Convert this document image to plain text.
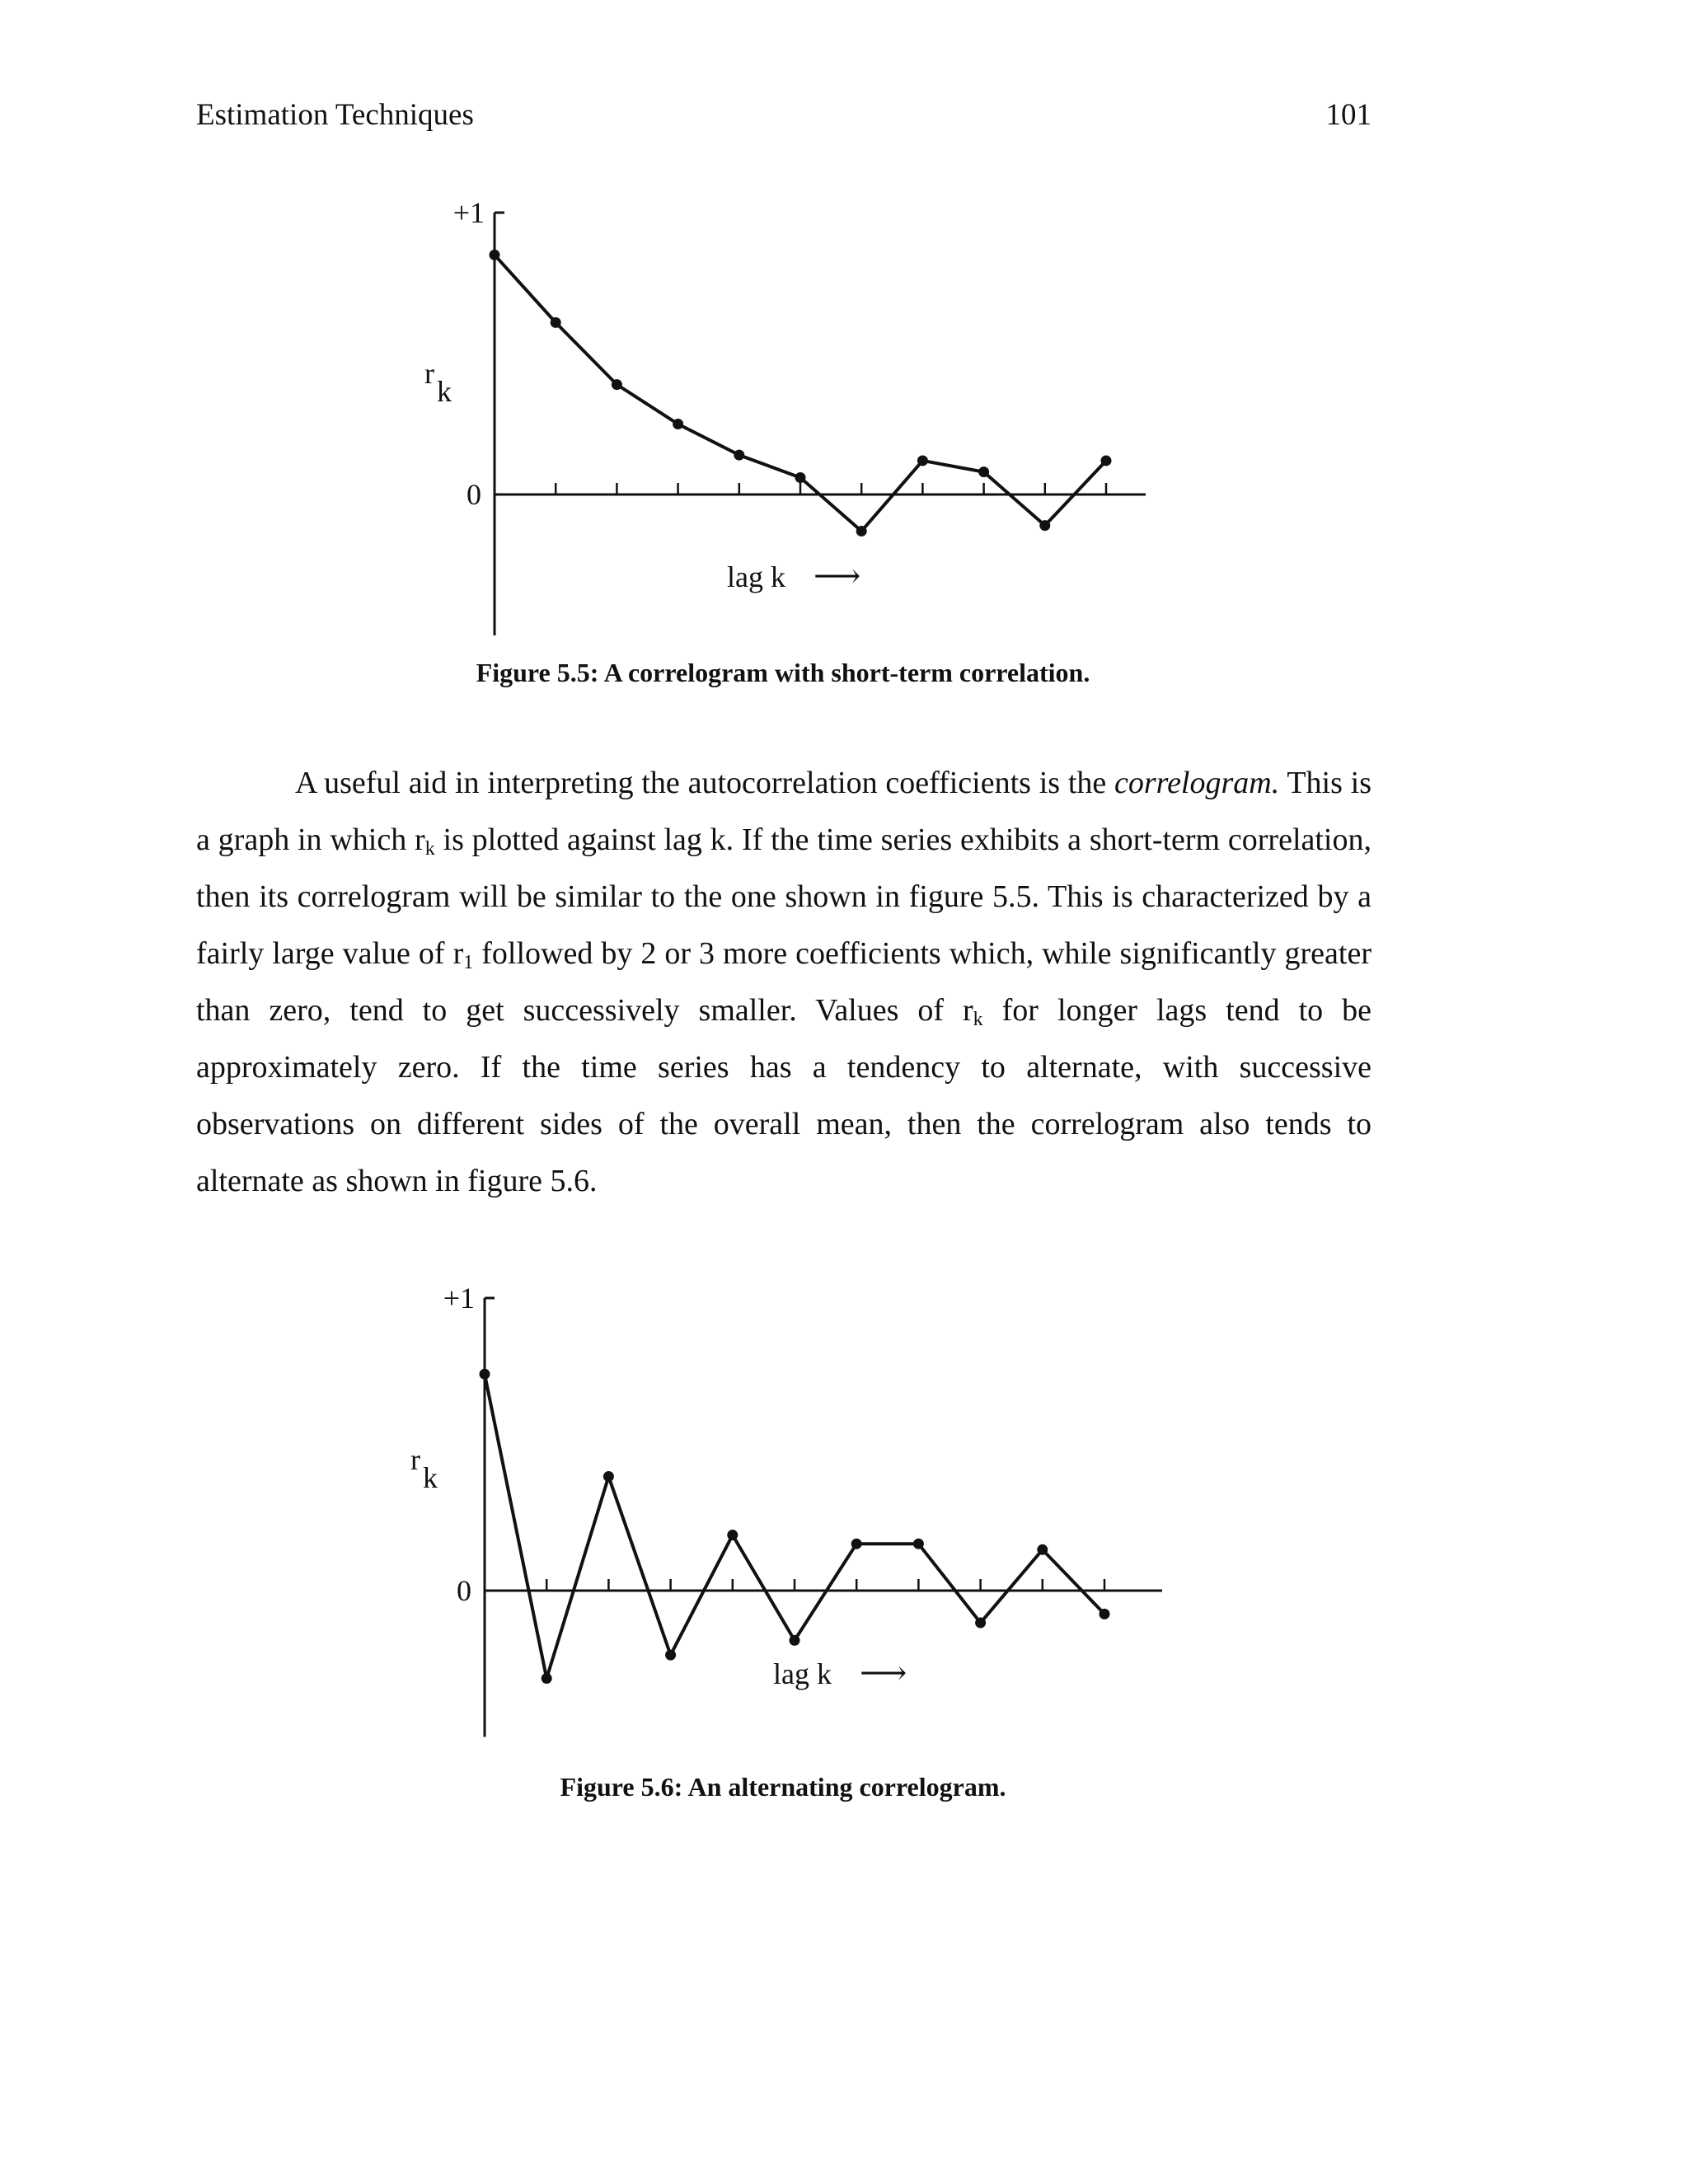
Estimation Techniques	101
+1
0
r
k
lag k ⟶
Figure 5.5: A correlogram with short-term correlation.

A useful aid in interpreting the autocorrelation coefficients is the correlogram. This is a graph in which $r_k$ is plotted against lag k. If the time series exhibits a short-term correlation, then its correlogram will be similar to the one shown in figure 5.5. This is characterized by a fairly large value of $r_1$ followed by 2 or 3 more coefficients which, while significantly greater than zero, tend to get successively smaller. Values of $r_k$ for longer lags tend to be approximately zero. If the time series has a tendency to alternate, with successive observations on different sides of the overall mean, then the correlogram also tends to alternate as shown in figure 5.6.

+1
0
r
k
lag k ⟶
Figure 5.6: An alternating correlogram.
